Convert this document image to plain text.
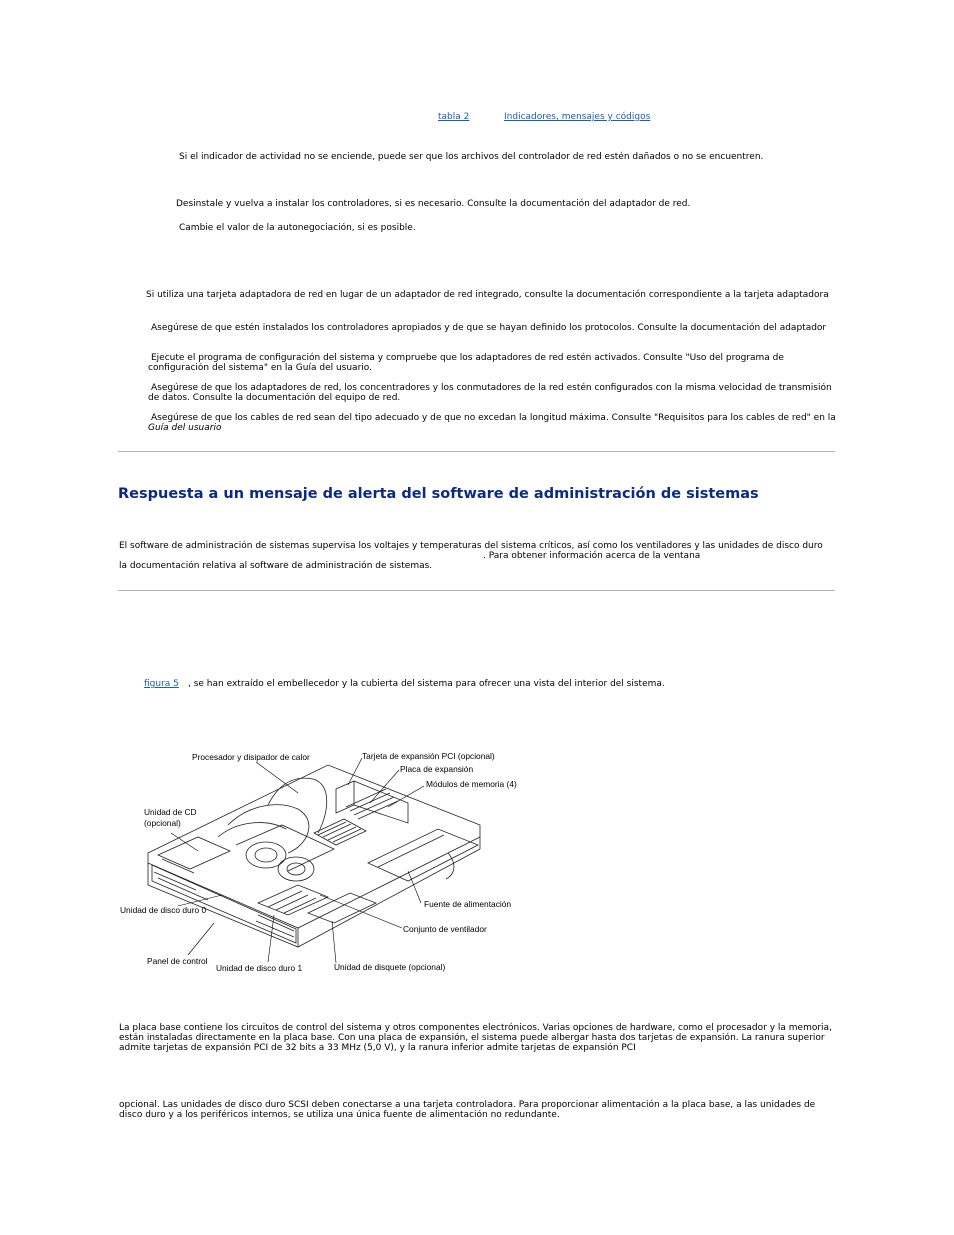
tabla 2	Indicadores, mensajes y códigos
Si el indicador de actividad no se enciende, puede ser que los archivos del controlador de red estén dañados o no se encuentren.
Desinstale y vuelva a instalar los controladores, si es necesario. Consulte la documentación del adaptador de red.
Cambie el valor de la autonegociación, si es posible.
Si utiliza una tarjeta adaptadora de red en lugar de un adaptador de red integrado, consulte la documentación correspondiente a la tarjeta adaptadora
Asegúrese de que estén instalados los controladores apropiados y de que se hayan definido los protocolos. Consulte la documentación del adaptador
Ejecute el programa de configuración del sistema y compruebe que los adaptadores de red estén activados. Consulte "Uso del programa de
configuración del sistema" en la Guía del usuario.
Asegúrese de que los adaptadores de red, los concentradores y los conmutadores de la red estén configurados con la misma velocidad de transmisión
de datos. Consulte la documentación del equipo de red.
Asegúrese de que los cables de red sean del tipo adecuado y de que no excedan la longitud máxima. Consulte "Requisitos para los cables de red" en la
Guía del usuario
Respuesta a un mensaje de alerta del software de administración de sistemas
El software de administración de sistemas supervisa los voltajes y temperaturas del sistema críticos, así como los ventiladores y las unidades de disco duro
. Para obtener información acerca de la ventana
la documentación relativa al software de administración de sistemas.
figura 5 , se han extraído el embellecedor y la cubierta del sistema para ofrecer una vista del interior del sistema.
Procesador y disipador de calor	Tarjeta de expansión PCI (opcional)
Placa de expansión
Módulos de memoria (4)
Unidad de CD
(opcional)
Fuente de alimentación
Unidad de disco duro 0
Conjunto de ventilador
Panel de control
Unidad de disco duro 1	Unidad de disquete (opcional)
La placa base contiene los circuitos de control del sistema y otros componentes electrónicos. Varias opciones de hardware, como el procesador y la memoria,
están instaladas directamente en la placa base. Con una placa de expansión, el sistema puede albergar hasta dos tarjetas de expansión. La ranura superior
admite tarjetas de expansión PCI de 32 bits a 33 MHz (5,0 V), y la ranura inferior admite tarjetas de expansión PCI
opcional. Las unidades de disco duro SCSI deben conectarse a una tarjeta controladora. Para proporcionar alimentación a la placa base, a las unidades de
disco duro y a los periféricos internos, se utiliza una única fuente de alimentación no redundante.
